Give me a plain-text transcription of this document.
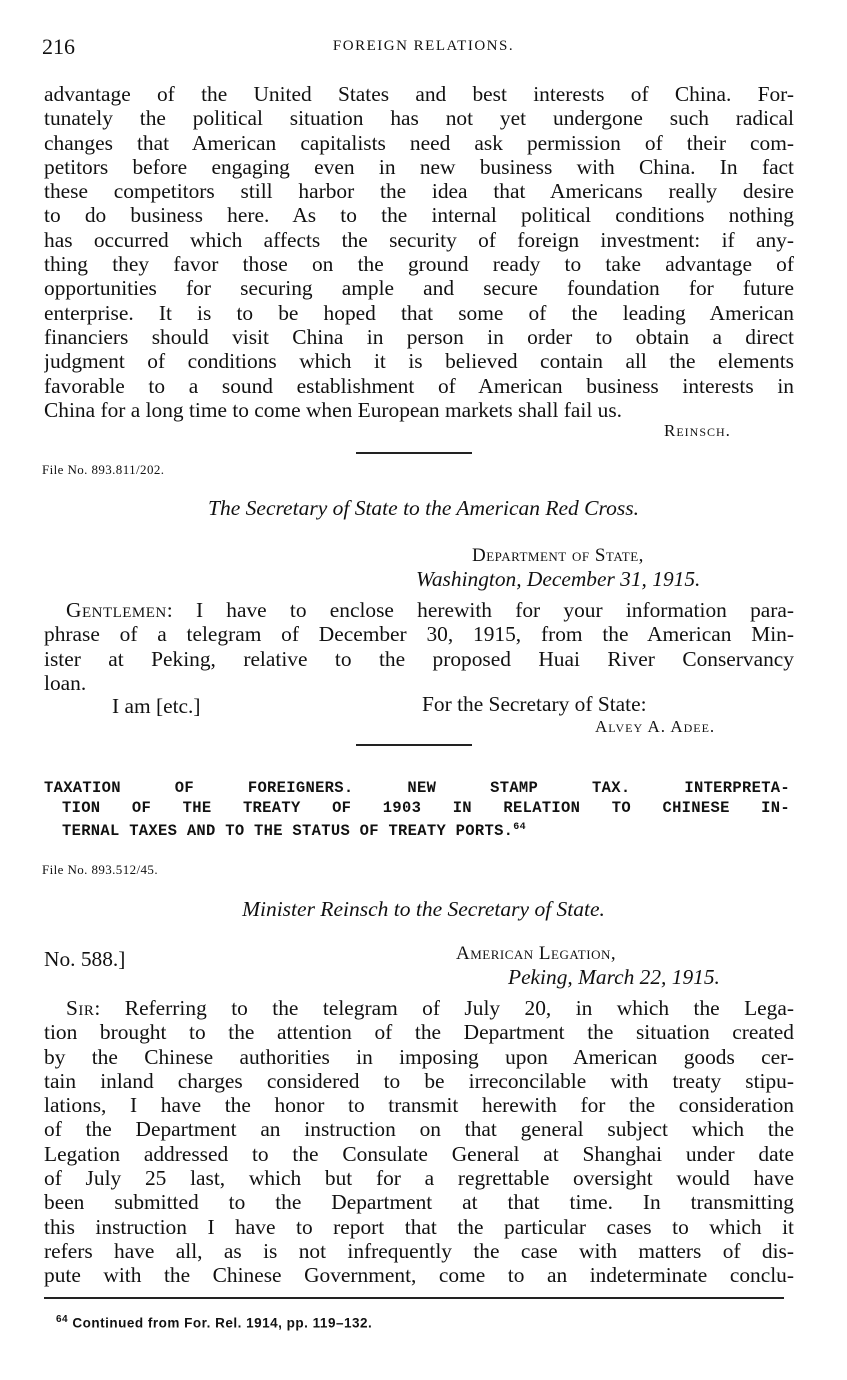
216	FOREIGN RELATIONS.
advantage of the United States and best interests of China. For-
tunately the political situation has not yet undergone such radical
changes that American capitalists need ask permission of their com-
petitors before engaging even in new business with China. In fact
these competitors still harbor the idea that Americans really desire
to do business here. As to the internal political conditions nothing
has occurred which affects the security of foreign investment: if any-
thing they favor those on the ground ready to take advantage of
opportunities for securing ample and secure foundation for future
enterprise. It is to be hoped that some of the leading American
financiers should visit China in person in order to obtain a direct
judgment of conditions which it is believed contain all the elements
favorable to a sound establishment of American business interests in
China for a long time to come when European markets shall fail us.
Reinsch.
File No. 893.811/202.
The Secretary of State to the American Red Cross.
Department of State,
Washington, December 31, 1915.
Gentlemen: I have to enclose herewith for your information para-
phrase of a telegram of December 30, 1915, from the American Min-
ister at Peking, relative to the proposed Huai River Conservancy
loan.
I am [etc.]	For the Secretary of State:
Alvey A. Adee.
TAXATION OF FOREIGNERS. NEW STAMP TAX. INTERPRETA-
TION OF THE TREATY OF 1903 IN RELATION TO CHINESE IN-
TERNAL TAXES AND TO THE STATUS OF TREATY PORTS.$^{64}$
File No. 893.512/45.
Minister Reinsch to the Secretary of State.
No. 588.]	American Legation,
Peking, March 22, 1915.
Sir: Referring to the telegram of July 20, in which the Lega-
tion brought to the attention of the Department the situation created
by the Chinese authorities in imposing upon American goods cer-
tain inland charges considered to be irreconcilable with treaty stipu-
lations, I have the honor to transmit herewith for the consideration
of the Department an instruction on that general subject which the
Legation addressed to the Consulate General at Shanghai under date
of July 25 last, which but for a regrettable oversight would have
been submitted to the Department at that time. In transmitting
this instruction I have to report that the particular cases to which it
refers have all, as is not infrequently the case with matters of dis-
pute with the Chinese Government, come to an indeterminate conclu-
$^{64}$ Continued from For. Rel. 1914, pp. 119–132.
